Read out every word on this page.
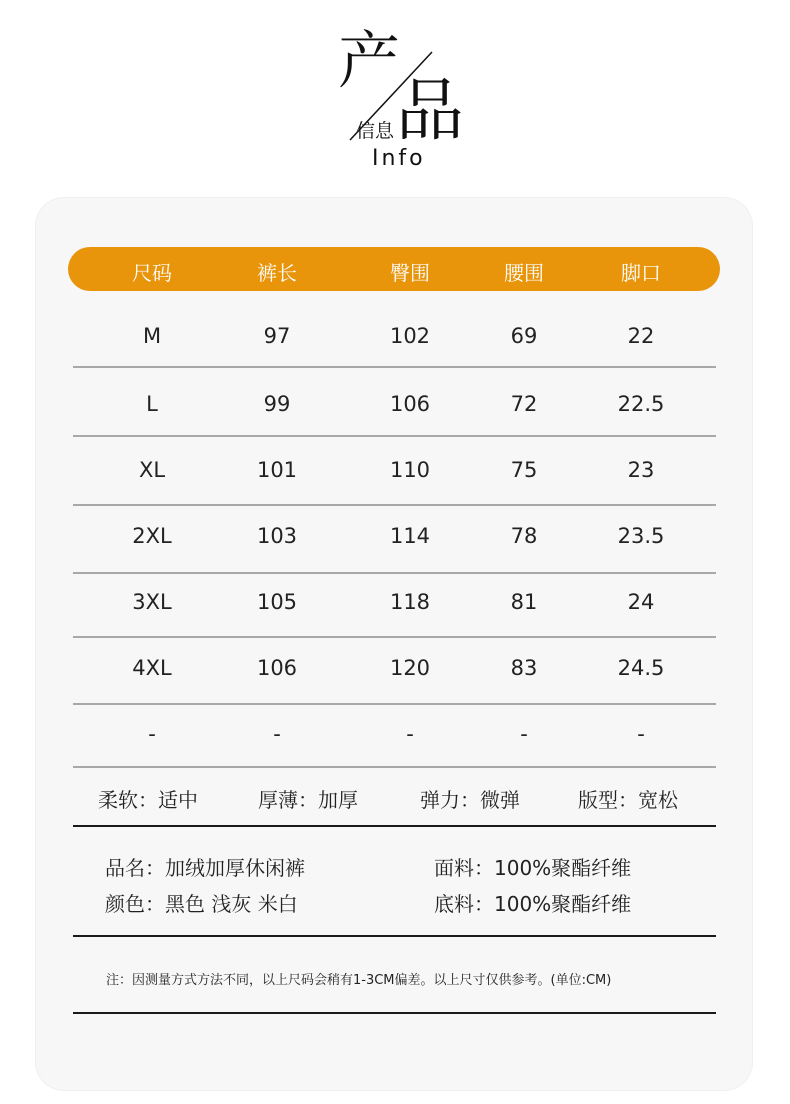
产
品
信息
Info
尺码	裤长	臀围	腰围	脚口
M	97	102	69	22
L	99	106	72	22.5
XL	101	110	75	23
2XL	103	114	78	23.5
3XL	105	118	81	24
4XL	106	120	83	24.5
-	-	-	-	-
柔软：适中	厚薄：加厚	弹力：微弹	版型：宽松
品名：加绒加厚休闲裤	面料：100%聚酯纤维
颜色：黑色 浅灰 米白	底料：100%聚酯纤维
注：因测量方式方法不同，以上尺码会稍有1-3CM偏差。以上尺寸仅供参考。(单位:CM)
